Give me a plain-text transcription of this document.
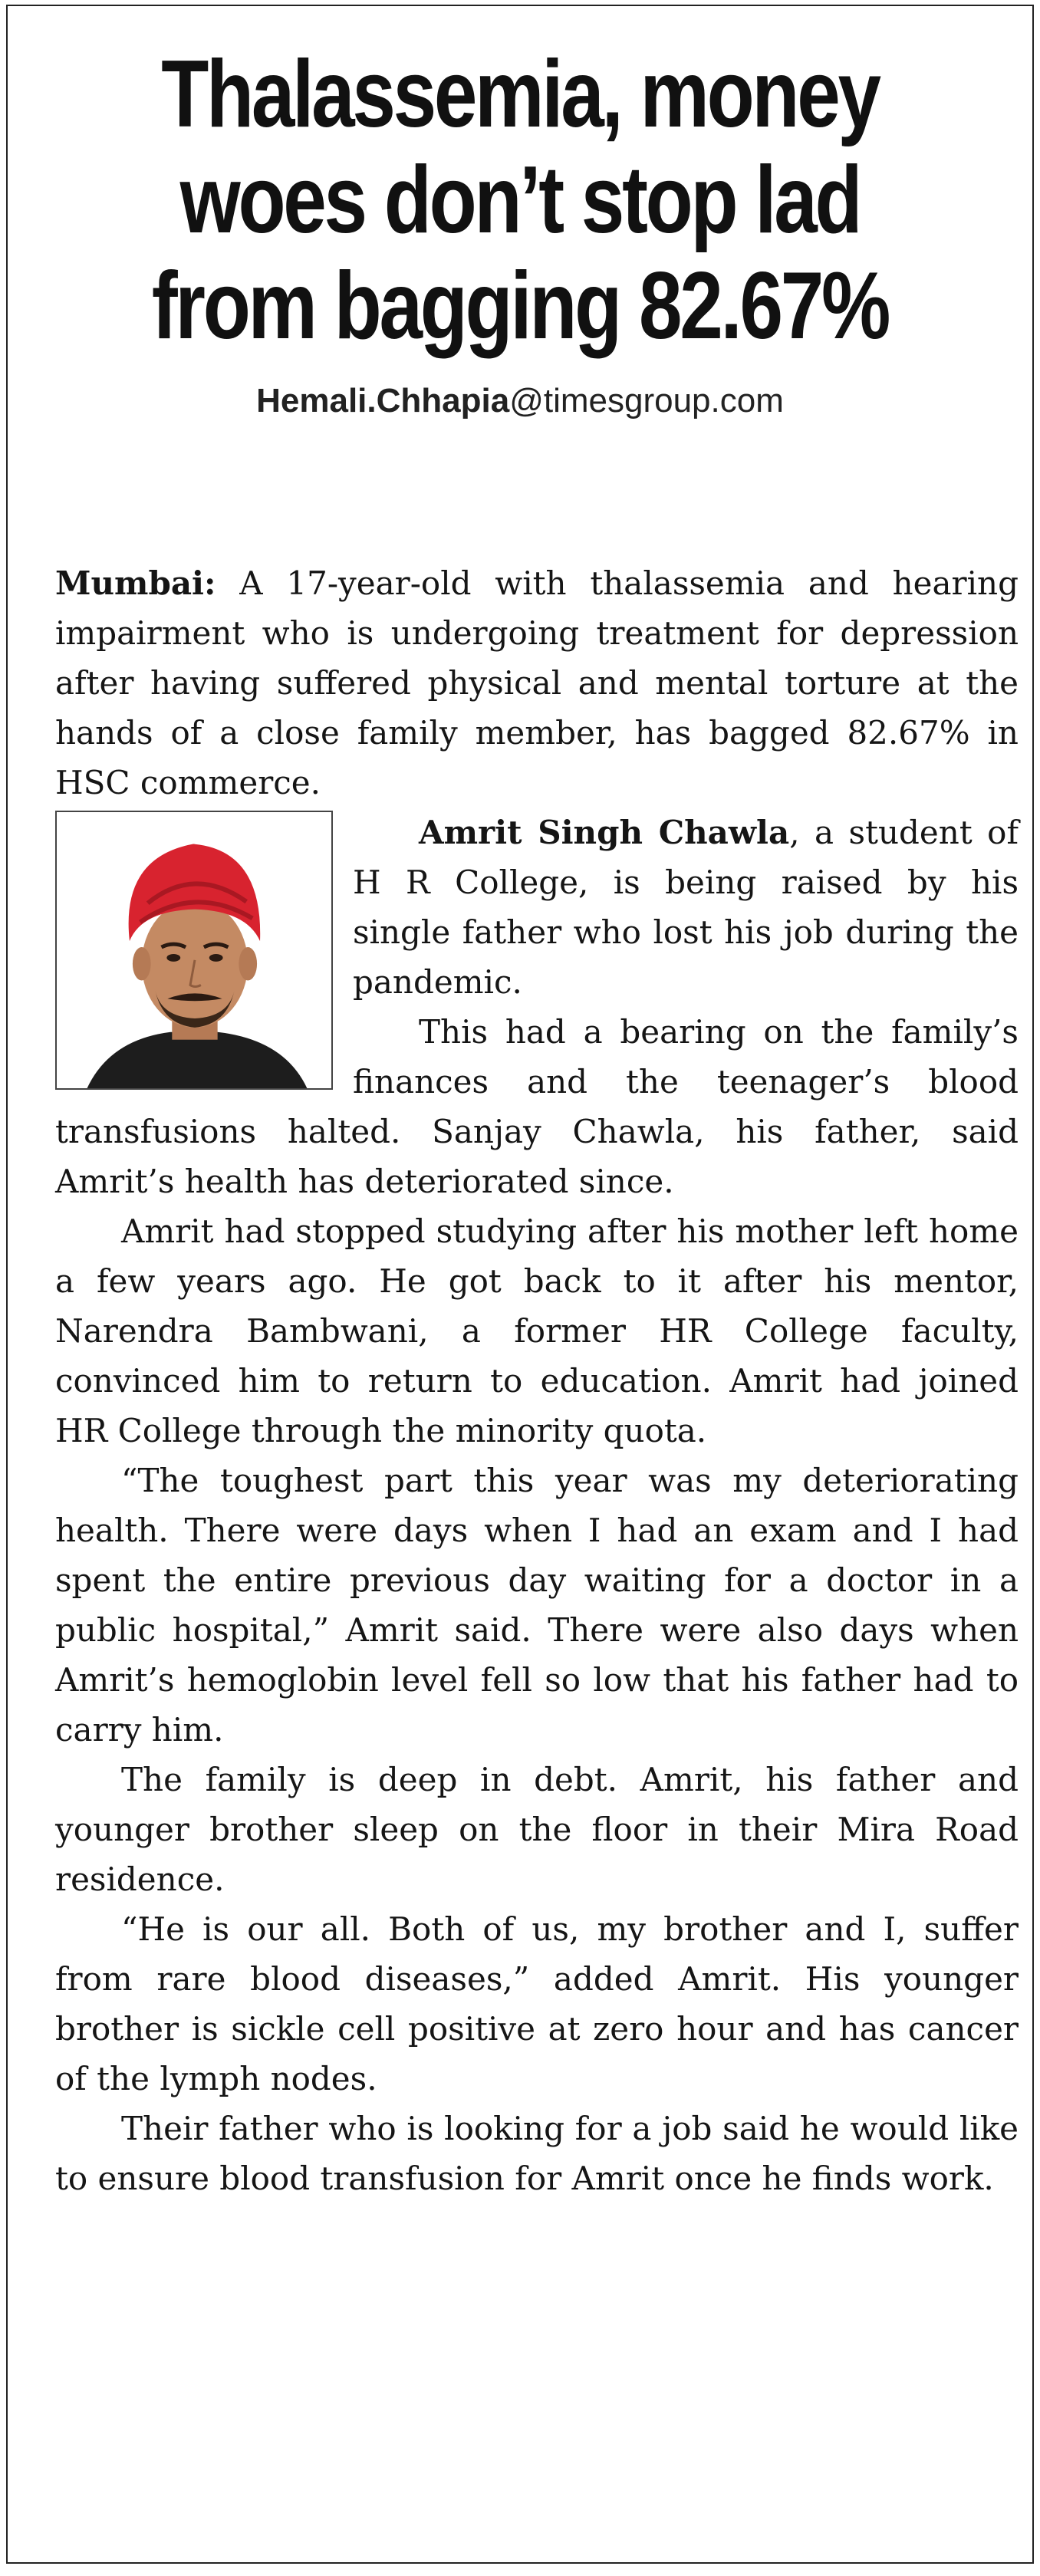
Thalassemia, money
woes don’t stop lad
from bagging 82.67%
Hemali.Chhapia@timesgroup.com

Mumbai: A 17-year-old with thalassemia and hearing impairment who is undergoing treatment for depression after having suffered physical and mental torture at the hands of a close family member, has bagged 82.67% in HSC commerce.

Amrit Singh Chawla, a student of H R College, is being raised by his single father who lost his job during the pandemic.

This had a bearing on the family’s finances and the teenager’s blood transfusions halted. Sanjay Chawla, his father, said Amrit’s health has deteriorated since.

Amrit had stopped studying after his mother left home a few years ago. He got back to it after his mentor, Narendra Bambwani, a former HR College faculty, convinced him to return to education. Amrit had joined HR College through the minority quota.

“The toughest part this year was my deteriorating health. There were days when I had an exam and I had spent the entire previous day waiting for a doctor in a public hospital,” Amrit said. There were also days when Amrit’s hemoglobin level fell so low that his father had to carry him.

The family is deep in debt. Amrit, his father and younger brother sleep on the floor in their Mira Road residence.

“He is our all. Both of us, my brother and I, suffer from rare blood diseases,” added Amrit. His younger brother is sickle cell positive at zero hour and has cancer of the lymph nodes.

Their father who is looking for a job said he would like to ensure blood transfusion for Amrit once he finds work.
